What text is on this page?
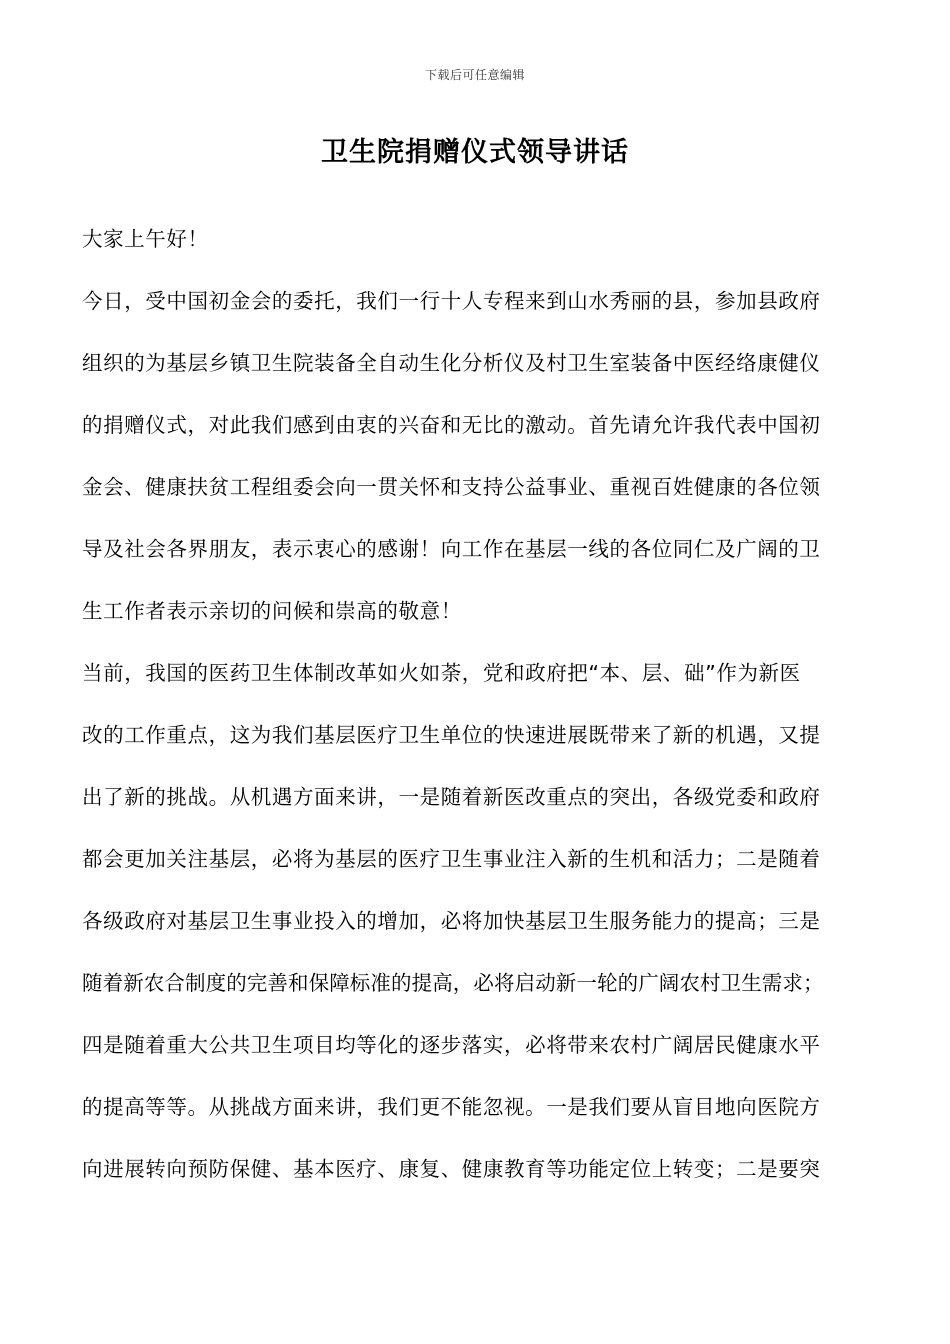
下载后可任意编辑
卫生院捐赠仪式领导讲话
大家上午好！
今日，受中国初金会的委托，我们一行十人专程来到山水秀丽的县，参加县政府
组织的为基层乡镇卫生院装备全自动生化分析仪及村卫生室装备中医经络康健仪
的捐赠仪式，对此我们感到由衷的兴奋和无比的激动。首先请允许我代表中国初
金会、健康扶贫工程组委会向一贯关怀和支持公益事业、重视百姓健康的各位领
导及社会各界朋友，表示衷心的感谢！向工作在基层一线的各位同仁及广阔的卫
生工作者表示亲切的问候和崇高的敬意！
当前，我国的医药卫生体制改革如火如荼，党和政府把“本、层、础”作为新医
改的工作重点，这为我们基层医疗卫生单位的快速进展既带来了新的机遇，又提
出了新的挑战。从机遇方面来讲，一是随着新医改重点的突出，各级党委和政府
都会更加关注基层，必将为基层的医疗卫生事业注入新的生机和活力；二是随着
各级政府对基层卫生事业投入的增加，必将加快基层卫生服务能力的提高；三是
随着新农合制度的完善和保障标准的提高，必将启动新一轮的广阔农村卫生需求；
四是随着重大公共卫生项目均等化的逐步落实，必将带来农村广阔居民健康水平
的提高等等。从挑战方面来讲，我们更不能忽视。一是我们要从盲目地向医院方
向进展转向预防保健、基本医疗、康复、健康教育等功能定位上转变；二是要突
